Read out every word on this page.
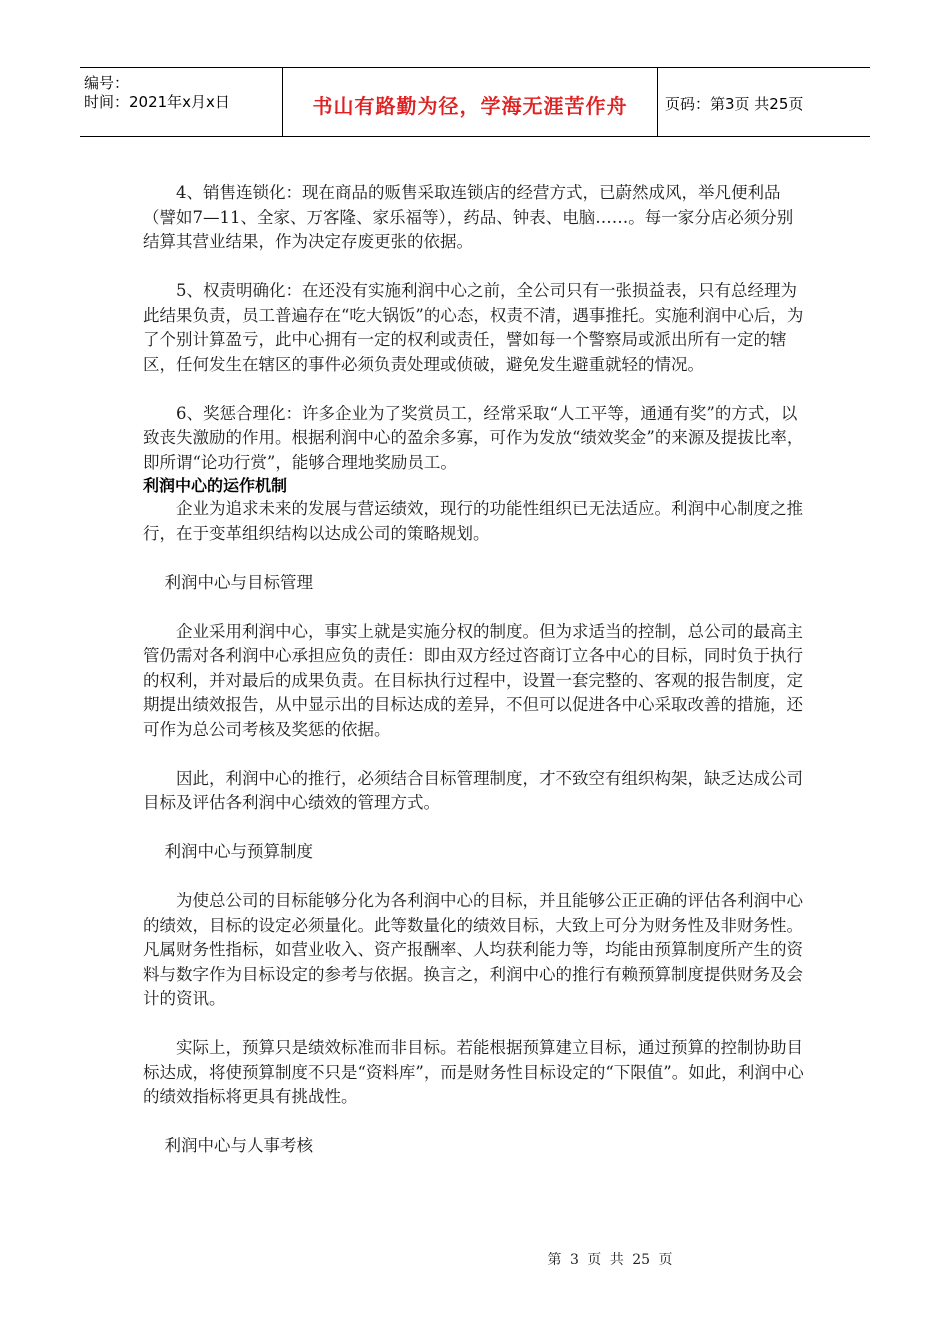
编号：
时间：2021年x月x日	书山有路勤为径，学海无涯苦作舟	页码：第3页 共25页

4、销售连锁化：现在商品的贩售采取连锁店的经营方式，已蔚然成风，举凡便利品（譬如7—11、全家、万客隆、家乐福等），药品、钟表、电脑……。每一家分店必须分别结算其营业结果，作为决定存废更张的依据。

5、权责明确化：在还没有实施利润中心之前，全公司只有一张损益表，只有总经理为此结果负责，员工普遍存在“吃大锅饭”的心态，权责不清，遇事推托。实施利润中心后，为了个别计算盈亏，此中心拥有一定的权利或责任，譬如每一个警察局或派出所有一定的辖区，任何发生在辖区的事件必须负责处理或侦破，避免发生避重就轻的情况。

6、奖惩合理化：许多企业为了奖赏员工，经常采取“人工平等，通通有奖”的方式，以致丧失激励的作用。根据利润中心的盈余多寡，可作为发放“绩效奖金”的来源及提拔比率，即所谓“论功行赏”，能够合理地奖励员工。

利润中心的运作机制

企业为追求未来的发展与营运绩效，现行的功能性组织已无法适应。利润中心制度之推行，在于变革组织结构以达成公司的策略规划。

利润中心与目标管理

企业采用利润中心，事实上就是实施分权的制度。但为求适当的控制，总公司的最高主管仍需对各利润中心承担应负的责任：即由双方经过咨商订立各中心的目标，同时负于执行的权利，并对最后的成果负责。在目标执行过程中，设置一套完整的、客观的报告制度，定期提出绩效报告，从中显示出的目标达成的差异，不但可以促进各中心采取改善的措施，还可作为总公司考核及奖惩的依据。

因此，利润中心的推行，必须结合目标管理制度，才不致空有组织构架，缺乏达成公司目标及评估各利润中心绩效的管理方式。

利润中心与预算制度

为使总公司的目标能够分化为各利润中心的目标，并且能够公正正确的评估各利润中心的绩效，目标的设定必须量化。此等数量化的绩效目标，大致上可分为财务性及非财务性。凡属财务性指标，如营业收入、资产报酬率、人均获利能力等，均能由预算制度所产生的资料与数字作为目标设定的参考与依据。换言之，利润中心的推行有赖预算制度提供财务及会计的资讯。

实际上，预算只是绩效标准而非目标。若能根据预算建立目标，通过预算的控制协助目标达成，将使预算制度不只是“资料库”，而是财务性目标设定的“下限值”。如此，利润中心的绩效指标将更具有挑战性。

利润中心与人事考核

第 3 页 共 25 页
